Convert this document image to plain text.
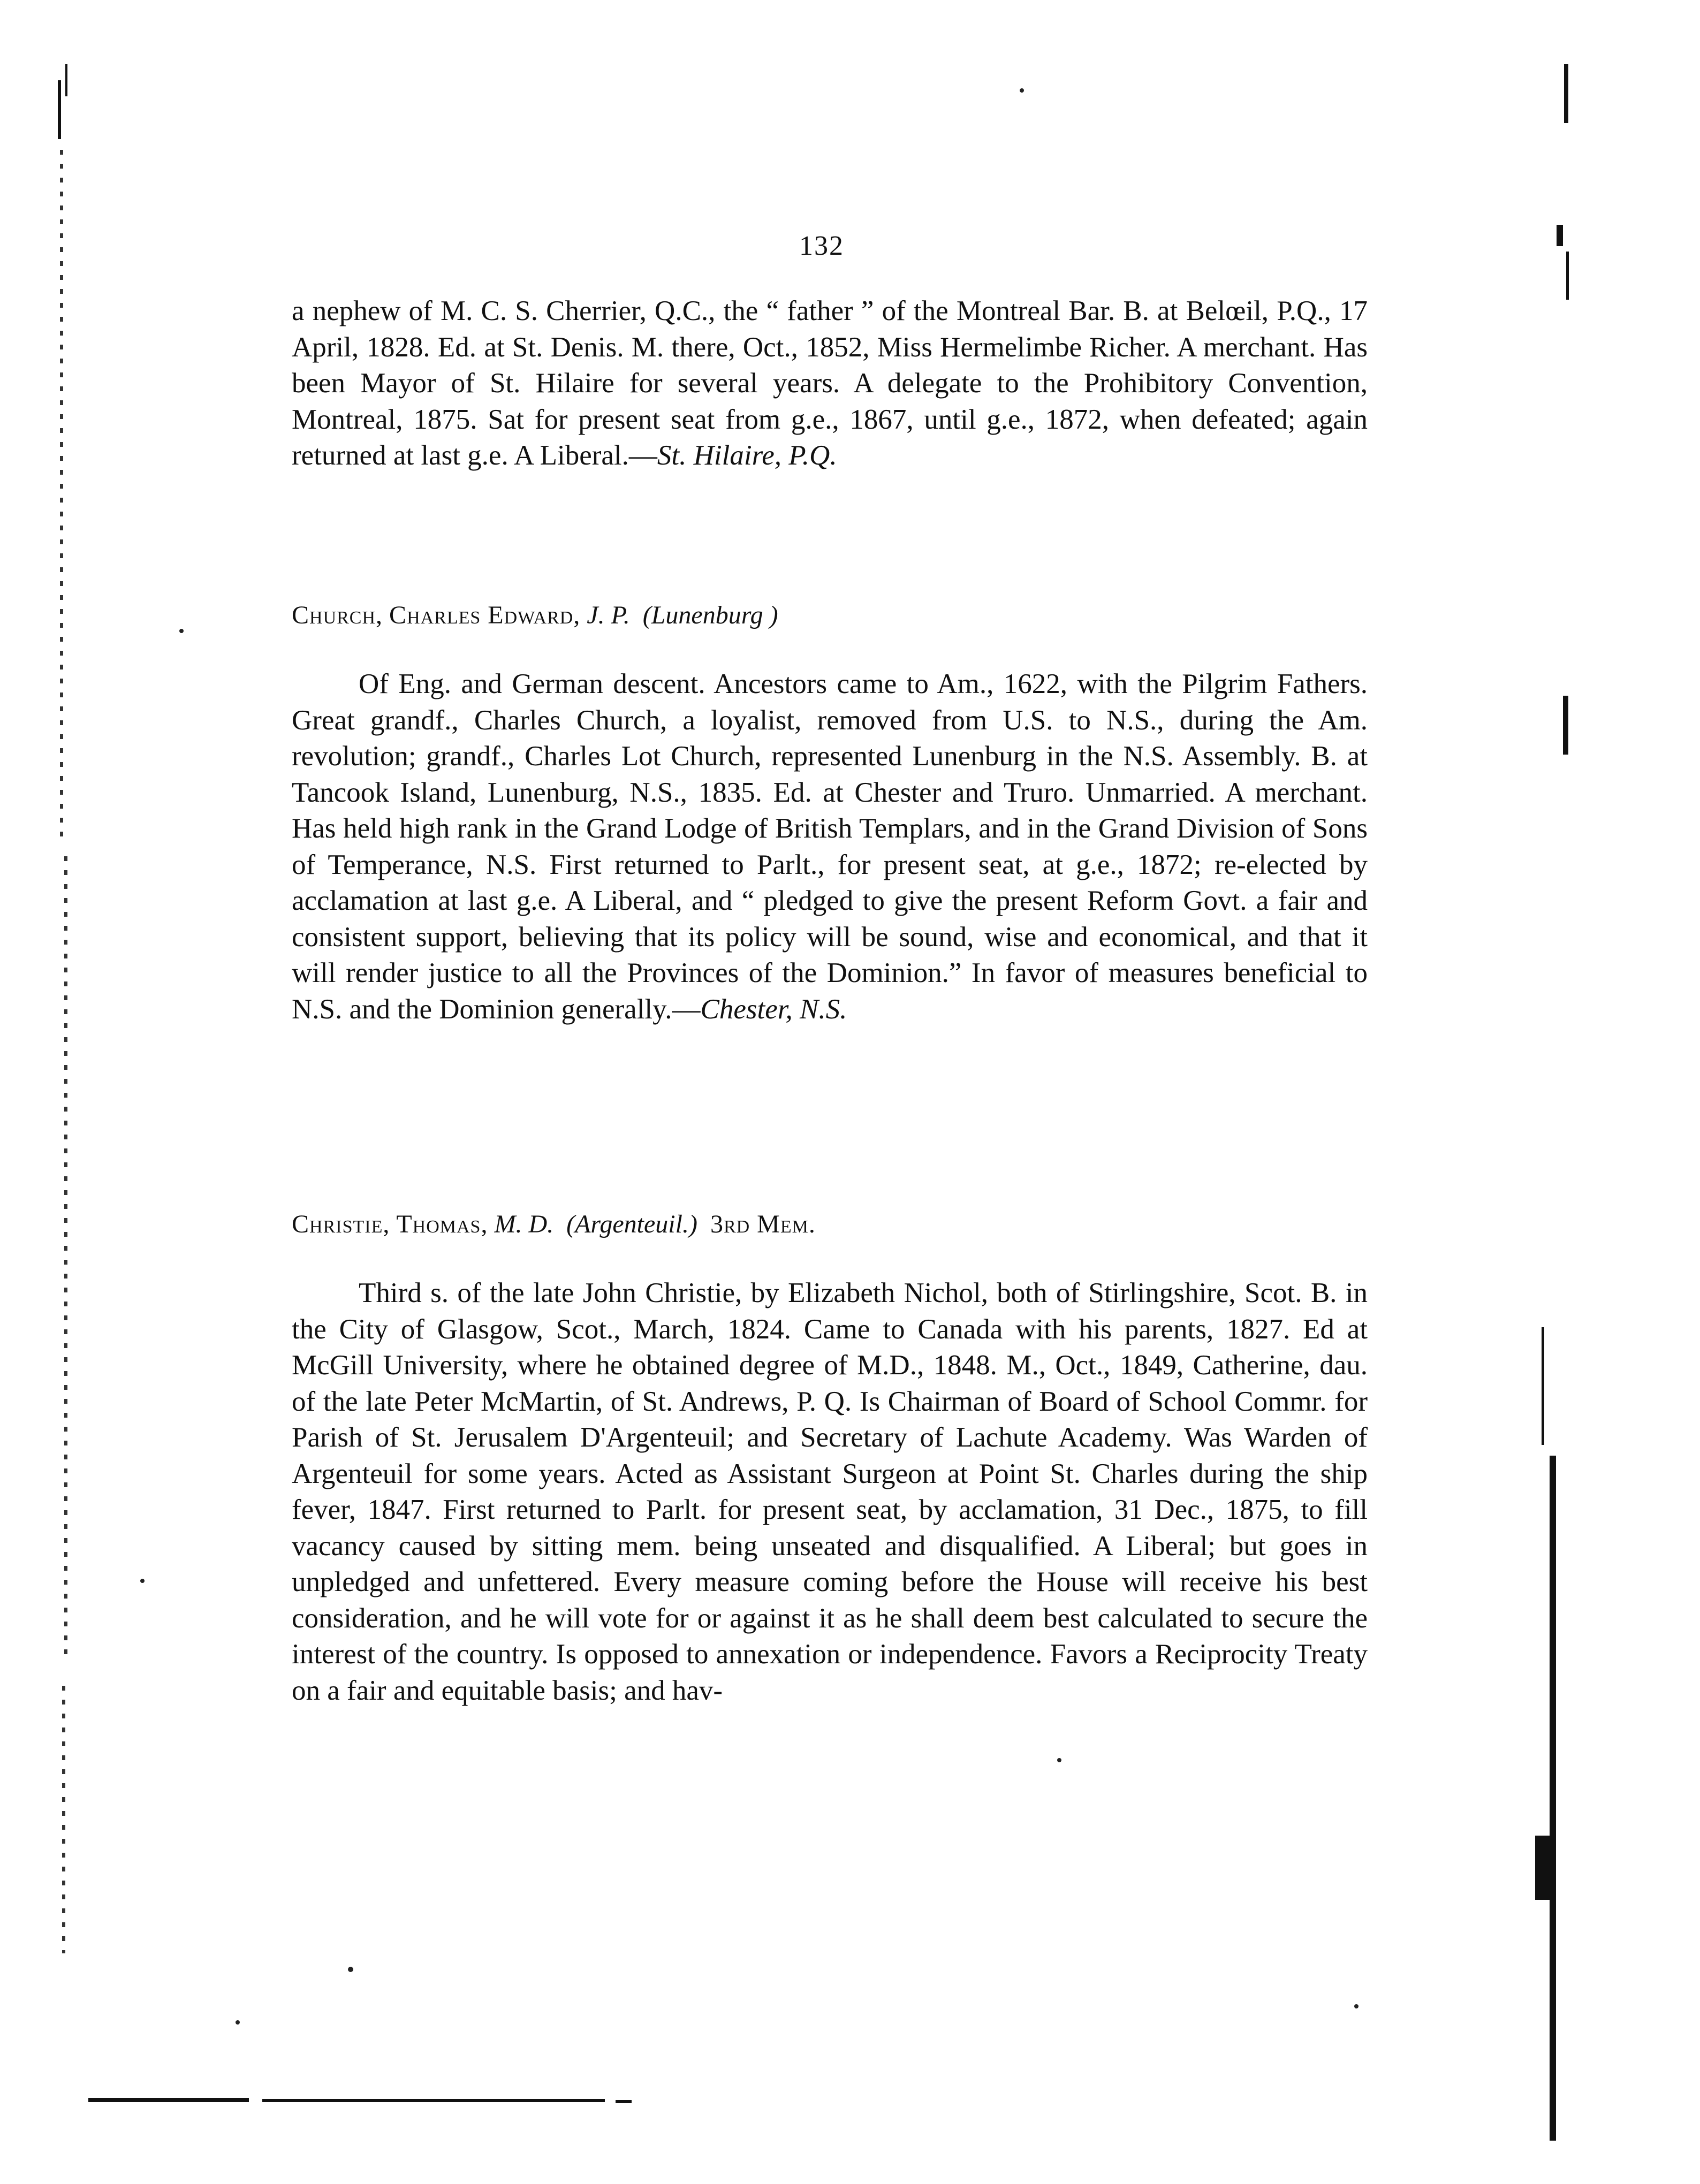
132

a nephew of M. C. S. Cherrier, Q.C., the “ father ” of the Montreal Bar. B. at Belœil, P.Q., 17 April, 1828. Ed. at St. Denis. M. there, Oct., 1852, Miss Hermelimbe Richer. A merchant. Has been Mayor of St. Hilaire for several years. A delegate to the Prohibitory Convention, Montreal, 1875. Sat for present seat from g.e., 1867, until g.e., 1872, when defeated; again returned at last g.e. A Liberal.—St. Hilaire, P.Q.

Church, Charles Edward, J. P. (Lunenburg )

Of Eng. and German descent. Ancestors came to Am., 1622, with the Pilgrim Fathers. Great grandf., Charles Church, a loyalist, removed from U.S. to N.S., during the Am. revolution; grandf., Charles Lot Church, represented Lunenburg in the N.S. Assembly. B. at Tancook Island, Lunenburg, N.S., 1835. Ed. at Chester and Truro. Unmarried. A merchant. Has held high rank in the Grand Lodge of British Templars, and in the Grand Division of Sons of Temperance, N.S. First returned to Parlt., for present seat, at g.e., 1872; re-elected by acclamation at last g.e. A Liberal, and “ pledged to give the present Reform Govt. a fair and consistent support, believing that its policy will be sound, wise and economical, and that it will render justice to all the Provinces of the Dominion.” In favor of measures beneficial to N.S. and the Dominion generally.—Chester, N.S.

Christie, Thomas, M. D. (Argenteuil.) 3rd Mem.

Third s. of the late John Christie, by Elizabeth Nichol, both of Stirlingshire, Scot. B. in the City of Glasgow, Scot., March, 1824. Came to Canada with his parents, 1827. Ed at McGill University, where he obtained degree of M.D., 1848. M., Oct., 1849, Catherine, dau. of the late Peter McMartin, of St. Andrews, P. Q. Is Chairman of Board of School Commr. for Parish of St. Jerusalem D'Argenteuil; and Secretary of Lachute Academy. Was Warden of Argenteuil for some years. Acted as Assistant Surgeon at Point St. Charles during the ship fever, 1847. First returned to Parlt. for present seat, by acclamation, 31 Dec., 1875, to fill vacancy caused by sitting mem. being unseated and disqualified. A Liberal; but goes in unpledged and unfettered. Every measure coming before the House will receive his best consideration, and he will vote for or against it as he shall deem best calculated to secure the interest of the country. Is opposed to annexation or independence. Favors a Reciprocity Treaty on a fair and equitable basis; and hav-
